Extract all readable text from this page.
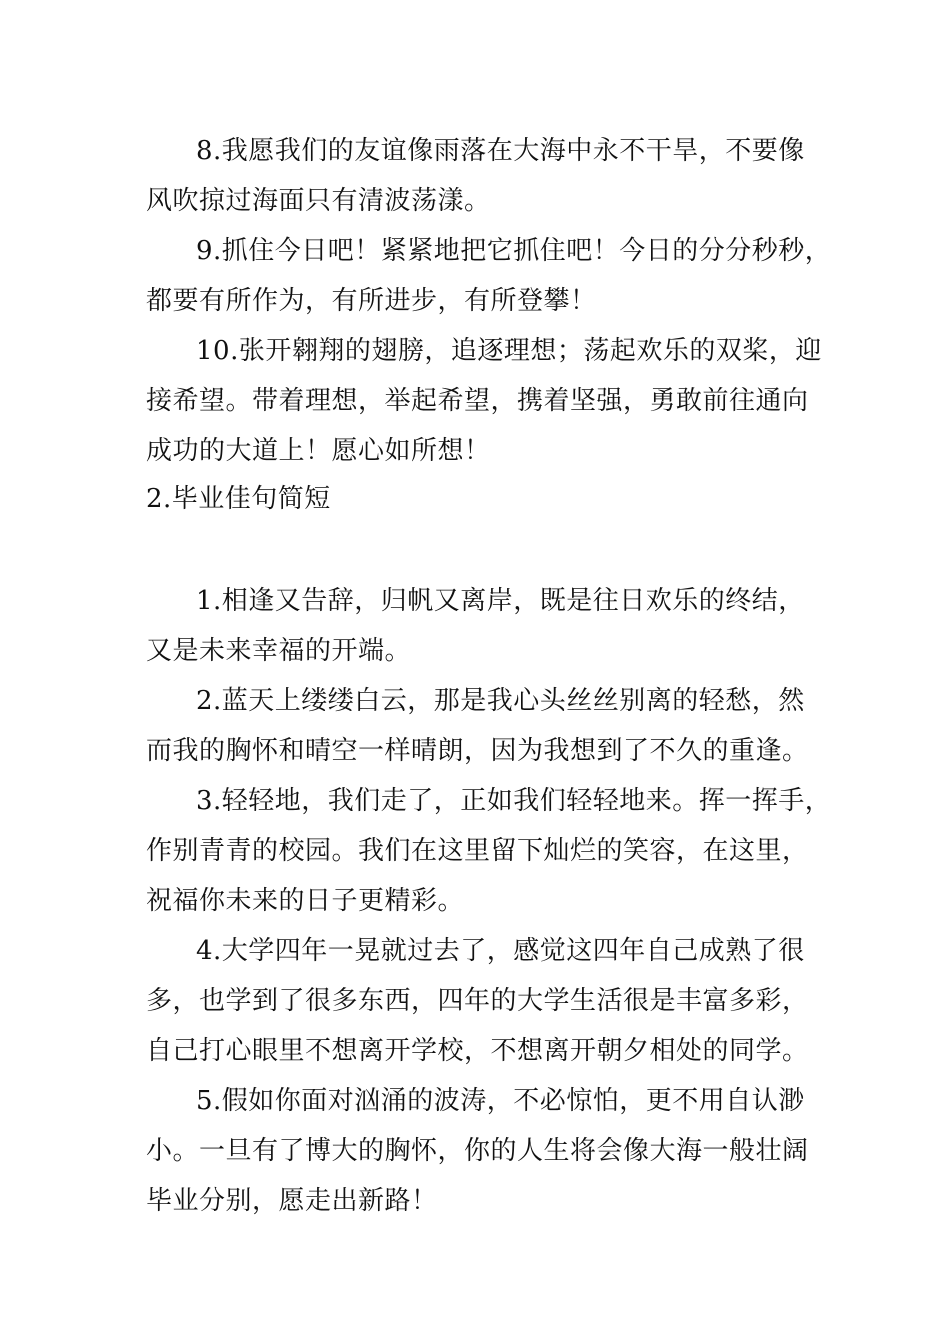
8.我愿我们的友谊像雨落在大海中永不干旱，不要像
风吹掠过海面只有清波荡漾。
9.抓住今日吧！紧紧地把它抓住吧！今日的分分秒秒，
都要有所作为，有所进步，有所登攀！
10.张开翱翔的翅膀，追逐理想；荡起欢乐的双桨，迎
接希望。带着理想，举起希望，携着坚强，勇敢前往通向
成功的大道上！愿心如所想！
2.毕业佳句简短
1.相逢又告辞，归帆又离岸，既是往日欢乐的终结，
又是未来幸福的开端。
2.蓝天上缕缕白云，那是我心头丝丝别离的轻愁，然
而我的胸怀和晴空一样晴朗，因为我想到了不久的重逢。
3.轻轻地，我们走了，正如我们轻轻地来。挥一挥手，
作别青青的校园。我们在这里留下灿烂的笑容，在这里，
祝福你未来的日子更精彩。
4.大学四年一晃就过去了，感觉这四年自己成熟了很
多，也学到了很多东西，四年的大学生活很是丰富多彩，
自己打心眼里不想离开学校，不想离开朝夕相处的同学。
5.假如你面对汹涌的波涛，不必惊怕，更不用自认渺
小。一旦有了博大的胸怀，你的人生将会像大海一般壮阔
毕业分别，愿走出新路！
